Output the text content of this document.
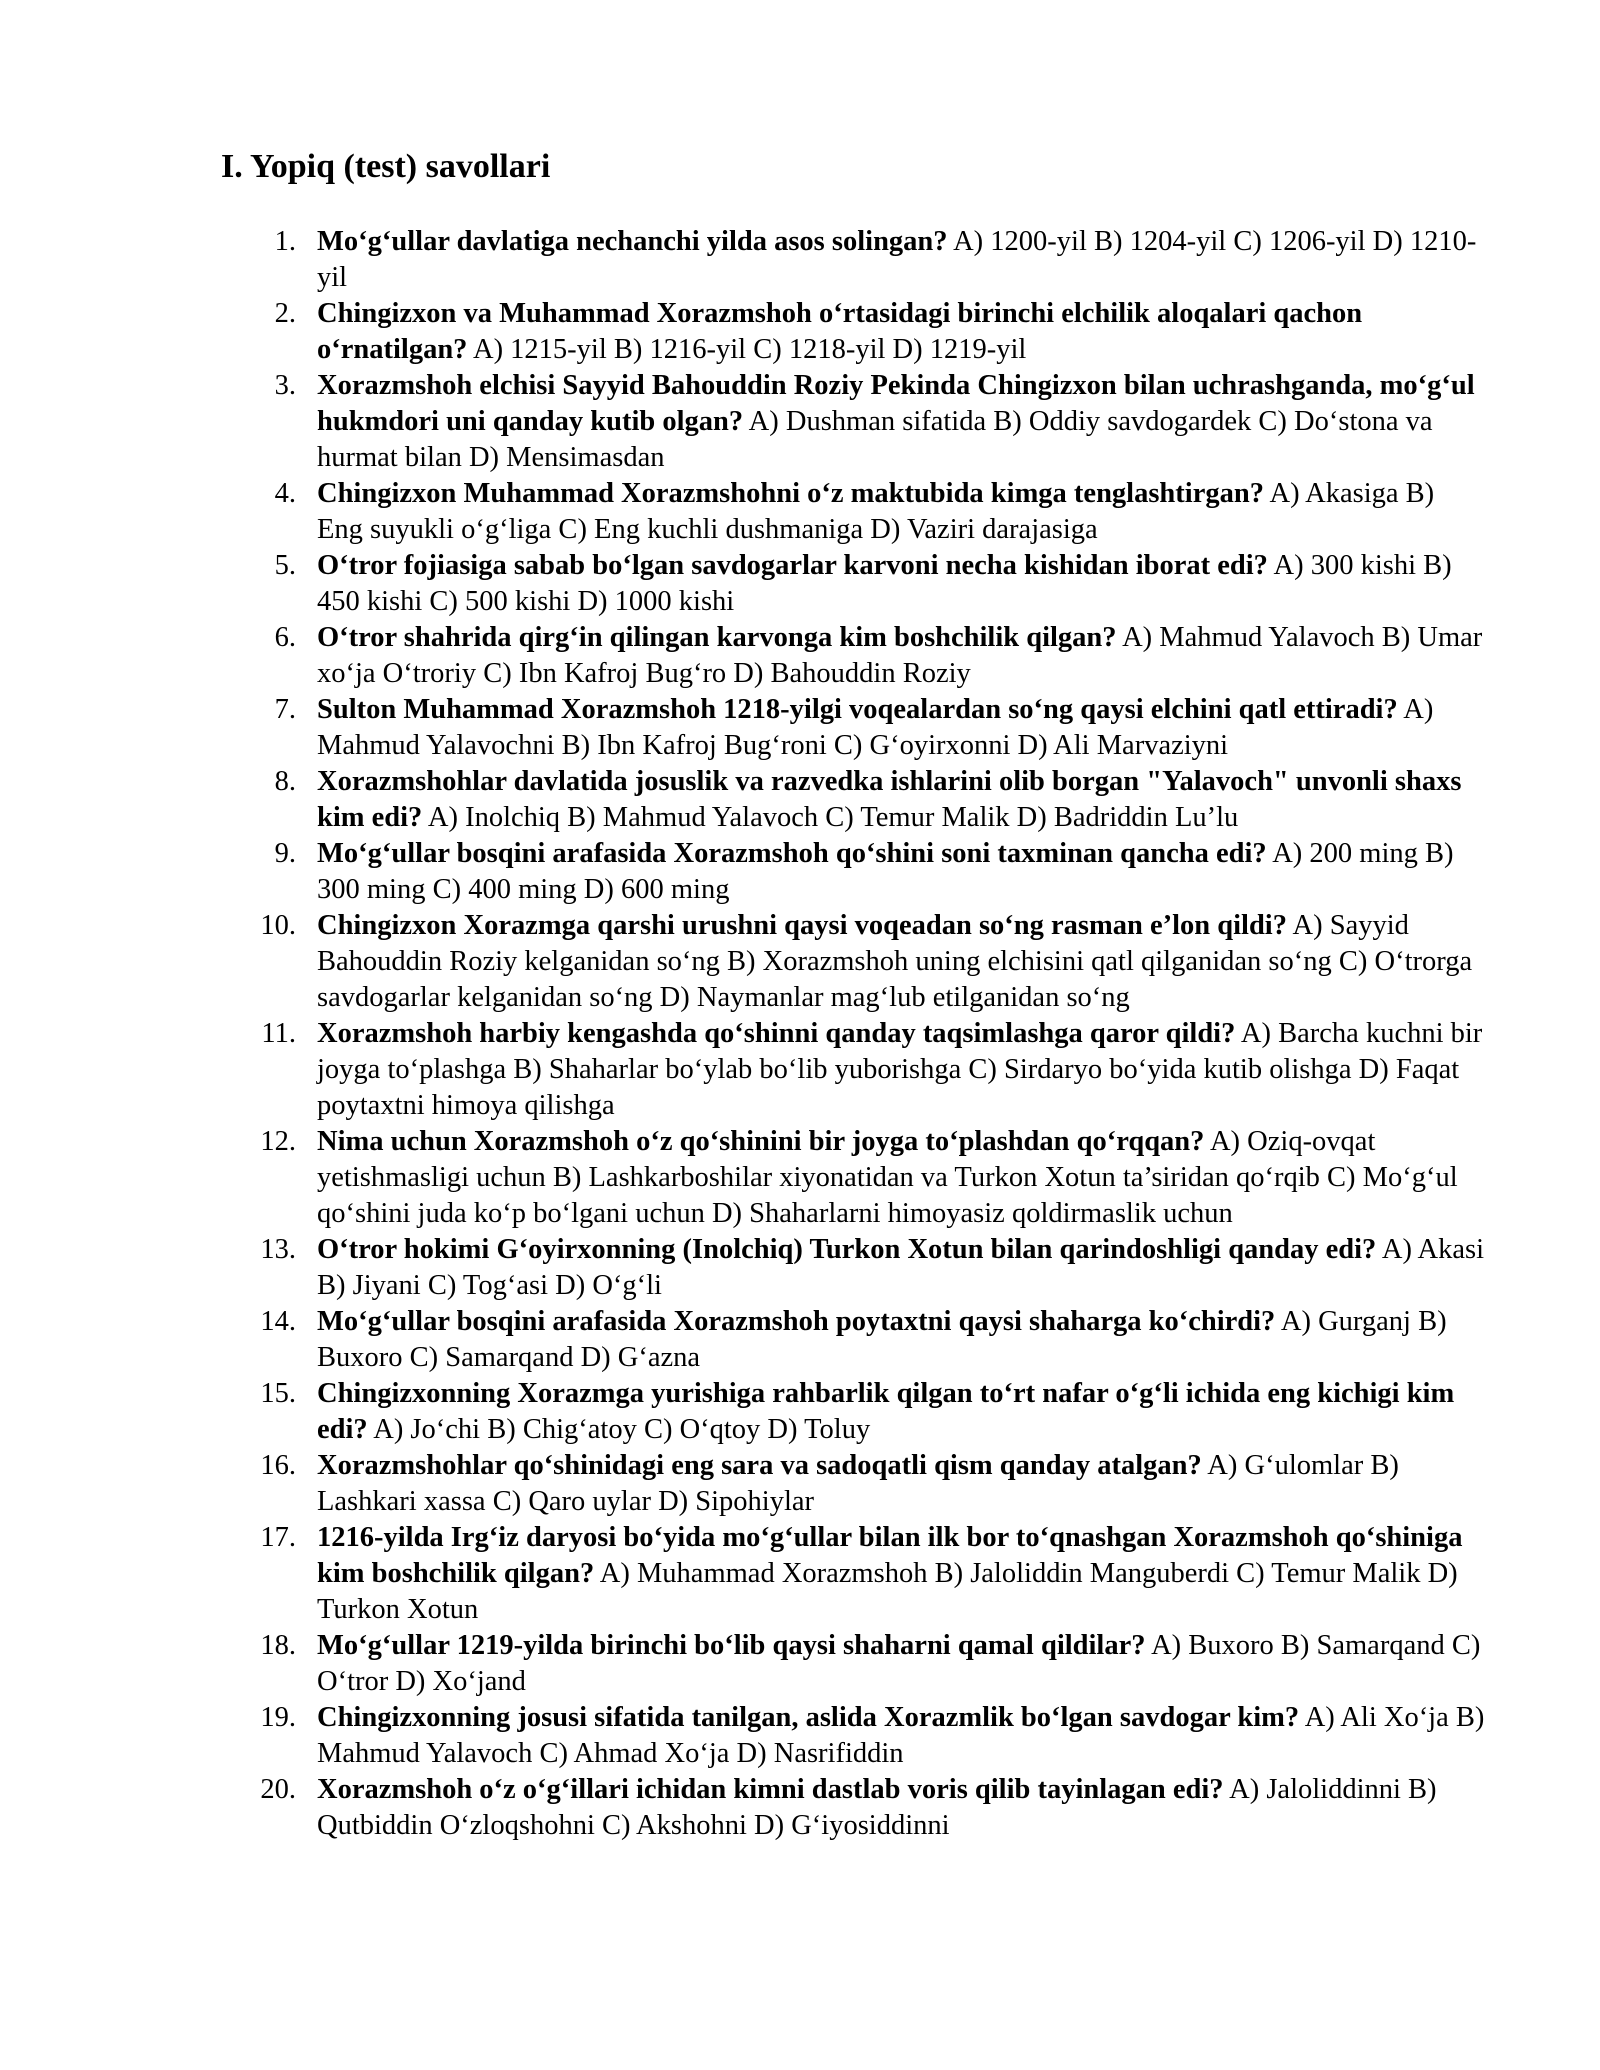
I. Yopiq (test) savollari
1. Mo‘g‘ullar davlatiga nechanchi yilda asos solingan? A) 1200-yil B) 1204-yil C) 1206-yil D) 1210-yil
2. Chingizxon va Muhammad Xorazmshoh o‘rtasidagi birinchi elchilik aloqalari qachon o‘rnatilgan? A) 1215-yil B) 1216-yil C) 1218-yil D) 1219-yil
3. Xorazmshoh elchisi Sayyid Bahouddin Roziy Pekinda Chingizxon bilan uchrashganda, mo‘g‘ul hukmdori uni qanday kutib olgan? A) Dushman sifatida B) Oddiy savdogardek C) Do‘stona va hurmat bilan D) Mensimasdan
4. Chingizxon Muhammad Xorazmshohni o‘z maktubida kimga tenglashtirgan? A) Akasiga B) Eng suyukli o‘g‘liga C) Eng kuchli dushmaniga D) Vaziri darajasiga
5. O‘tror fojiasiga sabab bo‘lgan savdogarlar karvoni necha kishidan iborat edi? A) 300 kishi B) 450 kishi C) 500 kishi D) 1000 kishi
6. O‘tror shahrida qirg‘in qilingan karvonga kim boshchilik qilgan? A) Mahmud Yalavoch B) Umar xo‘ja O‘troriy C) Ibn Kafroj Bug‘ro D) Bahouddin Roziy
7. Sulton Muhammad Xorazmshoh 1218-yilgi voqealardan so‘ng qaysi elchini qatl ettiradi? A) Mahmud Yalavochni B) Ibn Kafroj Bug‘roni C) G‘oyirxonni D) Ali Marvaziyni
8. Xorazmshohlar davlatida josuslik va razvedka ishlarini olib borgan "Yalavoch" unvonli shaxs kim edi? A) Inolchiq B) Mahmud Yalavoch C) Temur Malik D) Badriddin Lu’lu
9. Mo‘g‘ullar bosqini arafasida Xorazmshoh qo‘shini soni taxminan qancha edi? A) 200 ming B) 300 ming C) 400 ming D) 600 ming
10. Chingizxon Xorazmga qarshi urushni qaysi voqeadan so‘ng rasman e’lon qildi? A) Sayyid Bahouddin Roziy kelganidan so‘ng B) Xorazmshoh uning elchisini qatl qilganidan so‘ng C) O‘trorga savdogarlar kelganidan so‘ng D) Naymanlar mag‘lub etilganidan so‘ng
11. Xorazmshoh harbiy kengashda qo‘shinni qanday taqsimlashga qaror qildi? A) Barcha kuchni bir joyga to‘plashga B) Shaharlar bo‘ylab bo‘lib yuborishga C) Sirdaryo bo‘yida kutib olishga D) Faqat poytaxtni himoya qilishga
12. Nima uchun Xorazmshoh o‘z qo‘shinini bir joyga to‘plashdan qo‘rqqan? A) Oziq-ovqat yetishmasligi uchun B) Lashkarboshilar xiyonatidan va Turkon Xotun ta’siridan qo‘rqib C) Mo‘g‘ul qo‘shini juda ko‘p bo‘lgani uchun D) Shaharlarni himoyasiz qoldirmaslik uchun
13. O‘tror hokimi G‘oyirxonning (Inolchiq) Turkon Xotun bilan qarindoshligi qanday edi? A) Akasi B) Jiyani C) Tog‘asi D) O‘g‘li
14. Mo‘g‘ullar bosqini arafasida Xorazmshoh poytaxtni qaysi shaharga ko‘chirdi? A) Gurganj B) Buxoro C) Samarqand D) G‘azna
15. Chingizxonning Xorazmga yurishiga rahbarlik qilgan to‘rt nafar o‘g‘li ichida eng kichigi kim edi? A) Jo‘chi B) Chig‘atoy C) O‘qtoy D) Toluy
16. Xorazmshohlar qo‘shinidagi eng sara va sadoqatli qism qanday atalgan? A) G‘ulomlar B) Lashkari xassa C) Qaro uylar D) Sipohiylar
17. 1216-yilda Irg‘iz daryosi bo‘yida mo‘g‘ullar bilan ilk bor to‘qnashgan Xorazmshoh qo‘shiniga kim boshchilik qilgan? A) Muhammad Xorazmshoh B) Jaloliddin Manguberdi C) Temur Malik D) Turkon Xotun
18. Mo‘g‘ullar 1219-yilda birinchi bo‘lib qaysi shaharni qamal qildilar? A) Buxoro B) Samarqand C) O‘tror D) Xo‘jand
19. Chingizxonning josusi sifatida tanilgan, aslida Xorazmlik bo‘lgan savdogar kim? A) Ali Xo‘ja B) Mahmud Yalavoch C) Ahmad Xo‘ja D) Nasrifiddin
20. Xorazmshoh o‘z o‘g‘illari ichidan kimni dastlab voris qilib tayinlagan edi? A) Jaloliddinni B) Qutbiddin O‘zloqshohni C) Akshohni D) G‘iyosiddinni
